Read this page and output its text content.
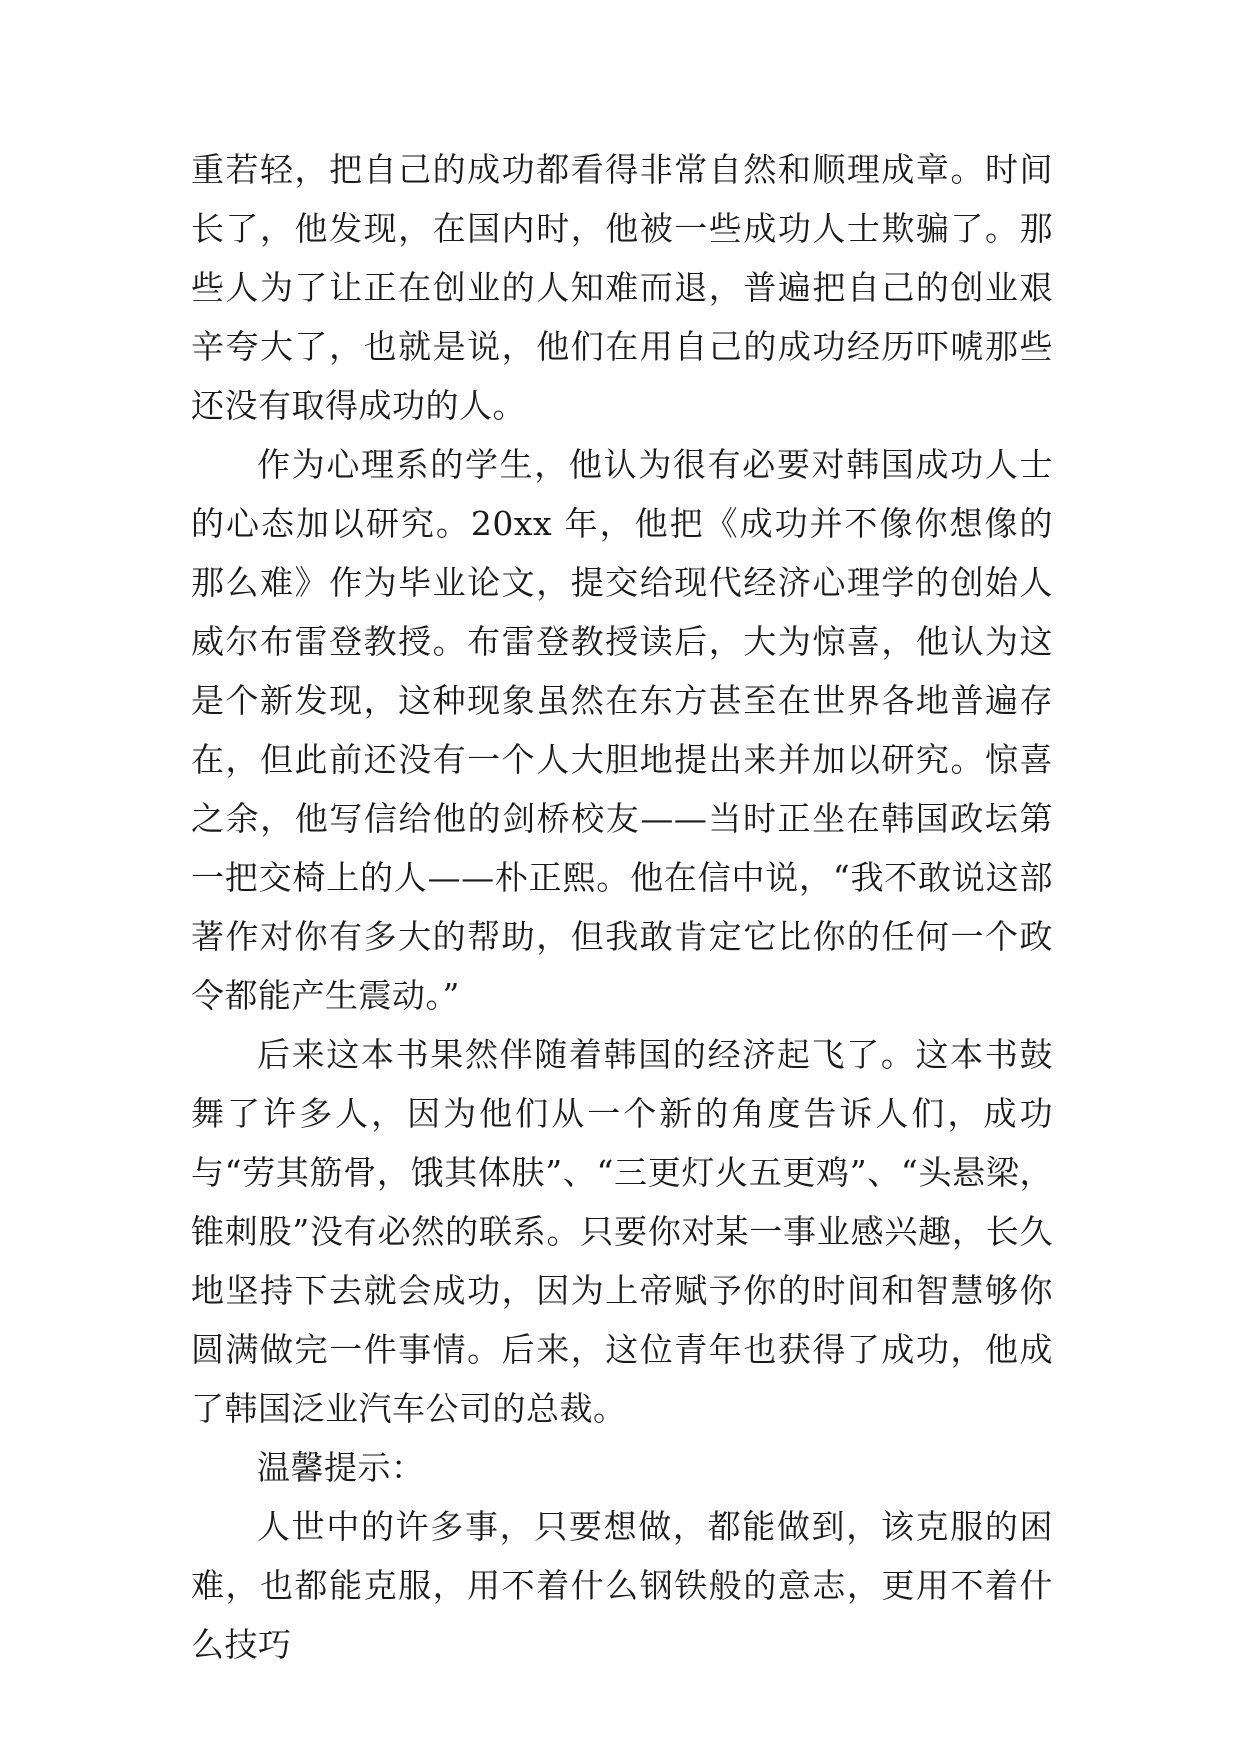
重若轻，把自己的成功都看得非常自然和顺理成章。时间长了，他发现，在国内时，他被一些成功人士欺骗了。那些人为了让正在创业的人知难而退，普遍把自己的创业艰辛夸大了，也就是说，他们在用自己的成功经历吓唬那些还没有取得成功的人。

作为心理系的学生，他认为很有必要对韩国成功人士的心态加以研究。20xx 年，他把《成功并不像你想像的那么难》作为毕业论文，提交给现代经济心理学的创始人威尔布雷登教授。布雷登教授读后，大为惊喜，他认为这是个新发现，这种现象虽然在东方甚至在世界各地普遍存在，但此前还没有一个人大胆地提出来并加以研究。惊喜之余，他写信给他的剑桥校友——当时正坐在韩国政坛第一把交椅上的人——朴正熙。他在信中说，“我不敢说这部著作对你有多大的帮助，但我敢肯定它比你的任何一个政令都能产生震动。”

后来这本书果然伴随着韩国的经济起飞了。这本书鼓舞了许多人，因为他们从一个新的角度告诉人们，成功与“劳其筋骨，饿其体肤”、“三更灯火五更鸡”、“头悬梁，锥刺股”没有必然的联系。只要你对某一事业感兴趣，长久地坚持下去就会成功，因为上帝赋予你的时间和智慧够你圆满做完一件事情。后来，这位青年也获得了成功，他成了韩国泛业汽车公司的总裁。

温馨提示：

人世中的许多事，只要想做，都能做到，该克服的困难，也都能克服，用不着什么钢铁般的意志，更用不着什么技巧
